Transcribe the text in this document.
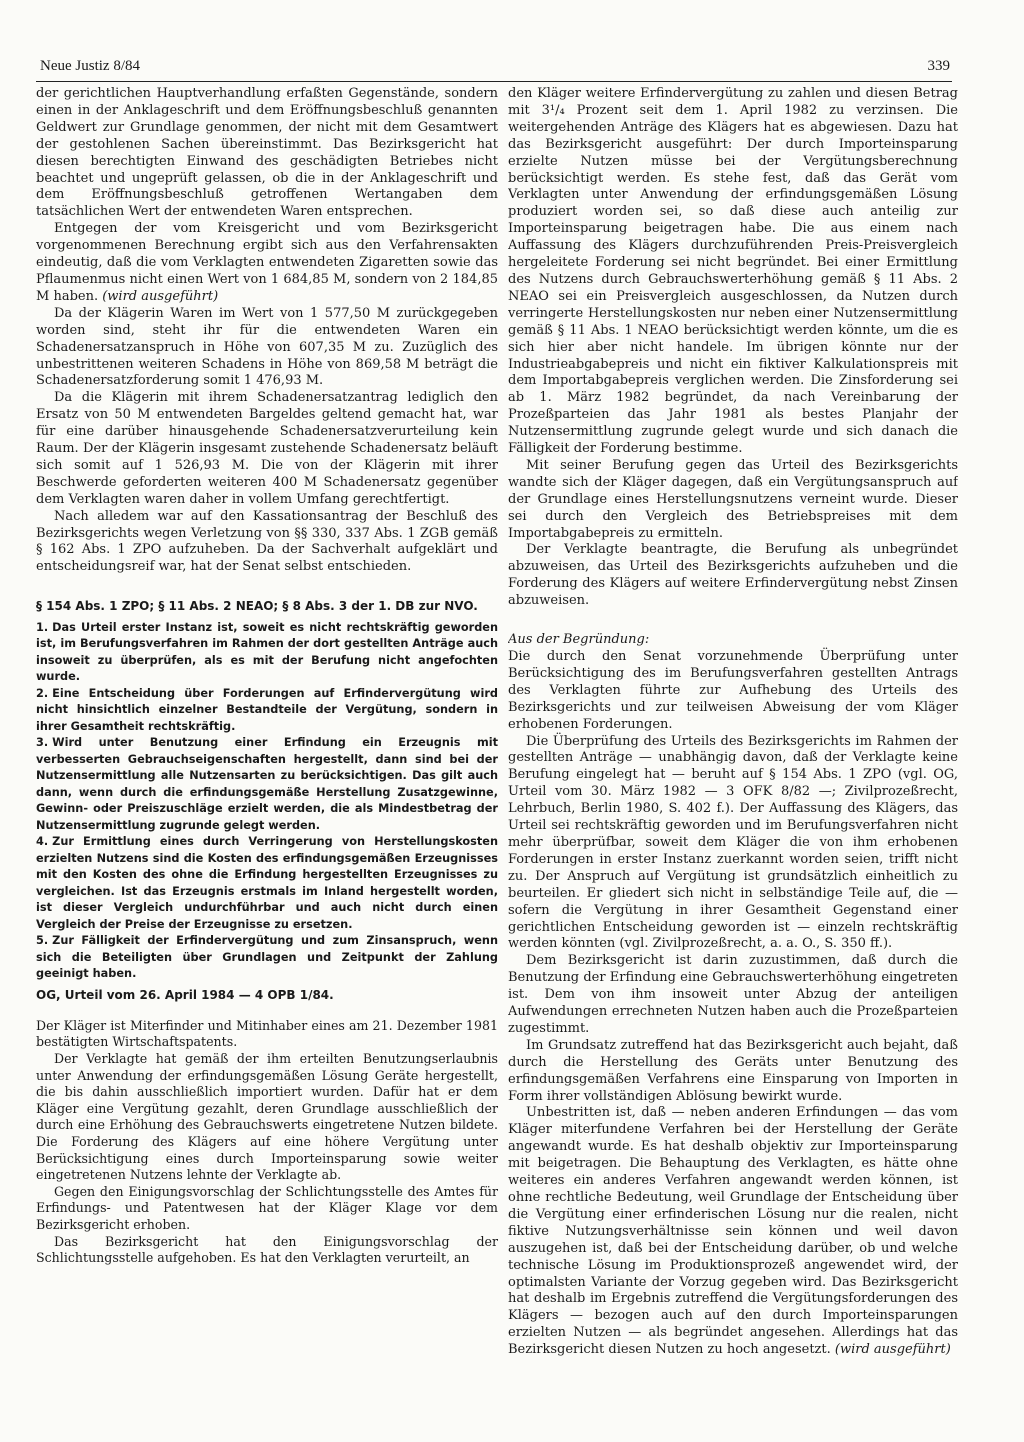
Neue Justiz 8/84	339

der gerichtlichen Hauptverhandlung erfaßten Gegenstände, sondern einen in der Anklageschrift und dem Eröffnungsbeschluß genannten Geldwert zur Grundlage genommen, der nicht mit dem Gesamtwert der gestohlenen Sachen übereinstimmt. Das Bezirksgericht hat diesen berechtigten Einwand des geschädigten Betriebes nicht beachtet und ungeprüft gelassen, ob die in der Anklageschrift und dem Eröffnungsbeschluß getroffenen Wertangaben dem tatsächlichen Wert der entwendeten Waren entsprechen.

Entgegen der vom Kreisgericht und vom Bezirksgericht vorgenommenen Berechnung ergibt sich aus den Verfahrensakten eindeutig, daß die vom Verklagten entwendeten Zigaretten sowie das Pflaumenmus nicht einen Wert von 1 684,85 M, sondern von 2 184,85 M haben. (wird ausgeführt)

Da der Klägerin Waren im Wert von 1 577,50 M zurückgegeben worden sind, steht ihr für die entwendeten Waren ein Schadenersatzanspruch in Höhe von 607,35 M zu. Zuzüglich des unbestrittenen weiteren Schadens in Höhe von 869,58 M beträgt die Schadenersatzforderung somit 1 476,93 M.

Da die Klägerin mit ihrem Schadenersatzantrag lediglich den Ersatz von 50 M entwendeten Bargeldes geltend gemacht hat, war für eine darüber hinausgehende Schadenersatzverurteilung kein Raum. Der der Klägerin insgesamt zustehende Schadenersatz beläuft sich somit auf 1 526,93 M. Die von der Klägerin mit ihrer Beschwerde geforderten weiteren 400 M Schadenersatz gegenüber dem Verklagten waren daher in vollem Umfang gerechtfertigt.

Nach alledem war auf den Kassationsantrag der Beschluß des Bezirksgerichts wegen Verletzung von §§ 330, 337 Abs. 1 ZGB gemäß § 162 Abs. 1 ZPO aufzuheben. Da der Sachverhalt aufgeklärt und entscheidungsreif war, hat der Senat selbst entschieden.

§ 154 Abs. 1 ZPO; § 11 Abs. 2 NEAO; § 8 Abs. 3 der 1. DB zur NVO.

1. Das Urteil erster Instanz ist, soweit es nicht rechtskräftig geworden ist, im Berufungsverfahren im Rahmen der dort gestellten Anträge auch insoweit zu überprüfen, als es mit der Berufung nicht angefochten wurde.

2. Eine Entscheidung über Forderungen auf Erfindervergütung wird nicht hinsichtlich einzelner Bestandteile der Vergütung, sondern in ihrer Gesamtheit rechtskräftig.

3. Wird unter Benutzung einer Erfindung ein Erzeugnis mit verbesserten Gebrauchseigenschaften hergestellt, dann sind bei der Nutzensermittlung alle Nutzensarten zu berücksichtigen. Das gilt auch dann, wenn durch die erfindungsgemäße Herstellung Zusatzgewinne, Gewinn- oder Preiszuschläge erzielt werden, die als Mindestbetrag der Nutzensermittlung zugrunde gelegt werden.

4. Zur Ermittlung eines durch Verringerung von Herstellungskosten erzielten Nutzens sind die Kosten des erfindungsgemäßen Erzeugnisses mit den Kosten des ohne die Erfindung hergestellten Erzeugnisses zu vergleichen. Ist das Erzeugnis erstmals im Inland hergestellt worden, ist dieser Vergleich undurchführbar und auch nicht durch einen Vergleich der Preise der Erzeugnisse zu ersetzen.

5. Zur Fälligkeit der Erfindervergütung und zum Zinsanspruch, wenn sich die Beteiligten über Grundlagen und Zeitpunkt der Zahlung geeinigt haben.

OG, Urteil vom 26. April 1984 — 4 OPB 1/84.

Der Kläger ist Miterfinder und Mitinhaber eines am 21. Dezember 1981 bestätigten Wirtschaftspatents.

Der Verklagte hat gemäß der ihm erteilten Benutzungserlaubnis unter Anwendung der erfindungsgemäßen Lösung Geräte hergestellt, die bis dahin ausschließlich importiert wurden. Dafür hat er dem Kläger eine Vergütung gezahlt, deren Grundlage ausschließlich der durch eine Erhöhung des Gebrauchswerts eingetretene Nutzen bildete. Die Forderung des Klägers auf eine höhere Vergütung unter Berücksichtigung eines durch Importeinsparung sowie weiter eingetretenen Nutzens lehnte der Verklagte ab.

Gegen den Einigungsvorschlag der Schlichtungsstelle des Amtes für Erfindungs- und Patentwesen hat der Kläger Klage vor dem Bezirksgericht erhoben.

Das Bezirksgericht hat den Einigungsvorschlag der Schlichtungsstelle aufgehoben. Es hat den Verklagten verurteilt, an

den Kläger weitere Erfindervergütung zu zahlen und diesen Betrag mit 3¹/₄ Prozent seit dem 1. April 1982 zu verzinsen. Die weitergehenden Anträge des Klägers hat es abgewiesen. Dazu hat das Bezirksgericht ausgeführt: Der durch Importeinsparung erzielte Nutzen müsse bei der Vergütungsberechnung berücksichtigt werden. Es stehe fest, daß das Gerät vom Verklagten unter Anwendung der erfindungsgemäßen Lösung produziert worden sei, so daß diese auch anteilig zur Importeinsparung beigetragen habe. Die aus einem nach Auffassung des Klägers durchzuführenden Preis-Preisvergleich hergeleitete Forderung sei nicht begründet. Bei einer Ermittlung des Nutzens durch Gebrauchswerterhöhung gemäß § 11 Abs. 2 NEAO sei ein Preisvergleich ausgeschlossen, da Nutzen durch verringerte Herstellungskosten nur neben einer Nutzensermittlung gemäß § 11 Abs. 1 NEAO berücksichtigt werden könnte, um die es sich hier aber nicht handele. Im übrigen könnte nur der Industrieabgabepreis und nicht ein fiktiver Kalkulationspreis mit dem Importabgabepreis verglichen werden. Die Zinsforderung sei ab 1. März 1982 begründet, da nach Vereinbarung der Prozeßparteien das Jahr 1981 als bestes Planjahr der Nutzensermittlung zugrunde gelegt wurde und sich danach die Fälligkeit der Forderung bestimme.

Mit seiner Berufung gegen das Urteil des Bezirksgerichts wandte sich der Kläger dagegen, daß ein Vergütungsanspruch auf der Grundlage eines Herstellungsnutzens verneint wurde. Dieser sei durch den Vergleich des Betriebspreises mit dem Importabgabepreis zu ermitteln.

Der Verklagte beantragte, die Berufung als unbegründet abzuweisen, das Urteil des Bezirksgerichts aufzuheben und die Forderung des Klägers auf weitere Erfindervergütung nebst Zinsen abzuweisen.

Aus der Begründung:

Die durch den Senat vorzunehmende Überprüfung unter Berücksichtigung des im Berufungsverfahren gestellten Antrags des Verklagten führte zur Aufhebung des Urteils des Bezirksgerichts und zur teilweisen Abweisung der vom Kläger erhobenen Forderungen.

Die Überprüfung des Urteils des Bezirksgerichts im Rahmen der gestellten Anträge — unabhängig davon, daß der Verklagte keine Berufung eingelegt hat — beruht auf § 154 Abs. 1 ZPO (vgl. OG, Urteil vom 30. März 1982 — 3 OFK 8/82 —; Zivilprozeßrecht, Lehrbuch, Berlin 1980, S. 402 f.). Der Auffassung des Klägers, das Urteil sei rechtskräftig geworden und im Berufungsverfahren nicht mehr überprüfbar, soweit dem Kläger die von ihm erhobenen Forderungen in erster Instanz zuerkannt worden seien, trifft nicht zu. Der Anspruch auf Vergütung ist grundsätzlich einheitlich zu beurteilen. Er gliedert sich nicht in selbständige Teile auf, die — sofern die Vergütung in ihrer Gesamtheit Gegenstand einer gerichtlichen Entscheidung geworden ist — einzeln rechtskräftig werden könnten (vgl. Zivilprozeßrecht, a. a. O., S. 350 ff.).

Dem Bezirksgericht ist darin zuzustimmen, daß durch die Benutzung der Erfindung eine Gebrauchswerterhöhung eingetreten ist. Dem von ihm insoweit unter Abzug der anteiligen Aufwendungen errechneten Nutzen haben auch die Prozeßparteien zugestimmt.

Im Grundsatz zutreffend hat das Bezirksgericht auch bejaht, daß durch die Herstellung des Geräts unter Benutzung des erfindungsgemäßen Verfahrens eine Einsparung von Importen in Form ihrer vollständigen Ablösung bewirkt wurde.

Unbestritten ist, daß — neben anderen Erfindungen — das vom Kläger miterfundene Verfahren bei der Herstellung der Geräte angewandt wurde. Es hat deshalb objektiv zur Importeinsparung mit beigetragen. Die Behauptung des Verklagten, es hätte ohne weiteres ein anderes Verfahren angewandt werden können, ist ohne rechtliche Bedeutung, weil Grundlage der Entscheidung über die Vergütung einer erfinderischen Lösung nur die realen, nicht fiktive Nutzungsverhältnisse sein können und weil davon auszugehen ist, daß bei der Entscheidung darüber, ob und welche technische Lösung im Produktionsprozeß angewendet wird, der optimalsten Variante der Vorzug gegeben wird. Das Bezirksgericht hat deshalb im Ergebnis zutreffend die Vergütungsforderungen des Klägers — bezogen auch auf den durch Importeinsparungen erzielten Nutzen — als begründet angesehen. Allerdings hat das Bezirksgericht diesen Nutzen zu hoch angesetzt. (wird ausgeführt)
